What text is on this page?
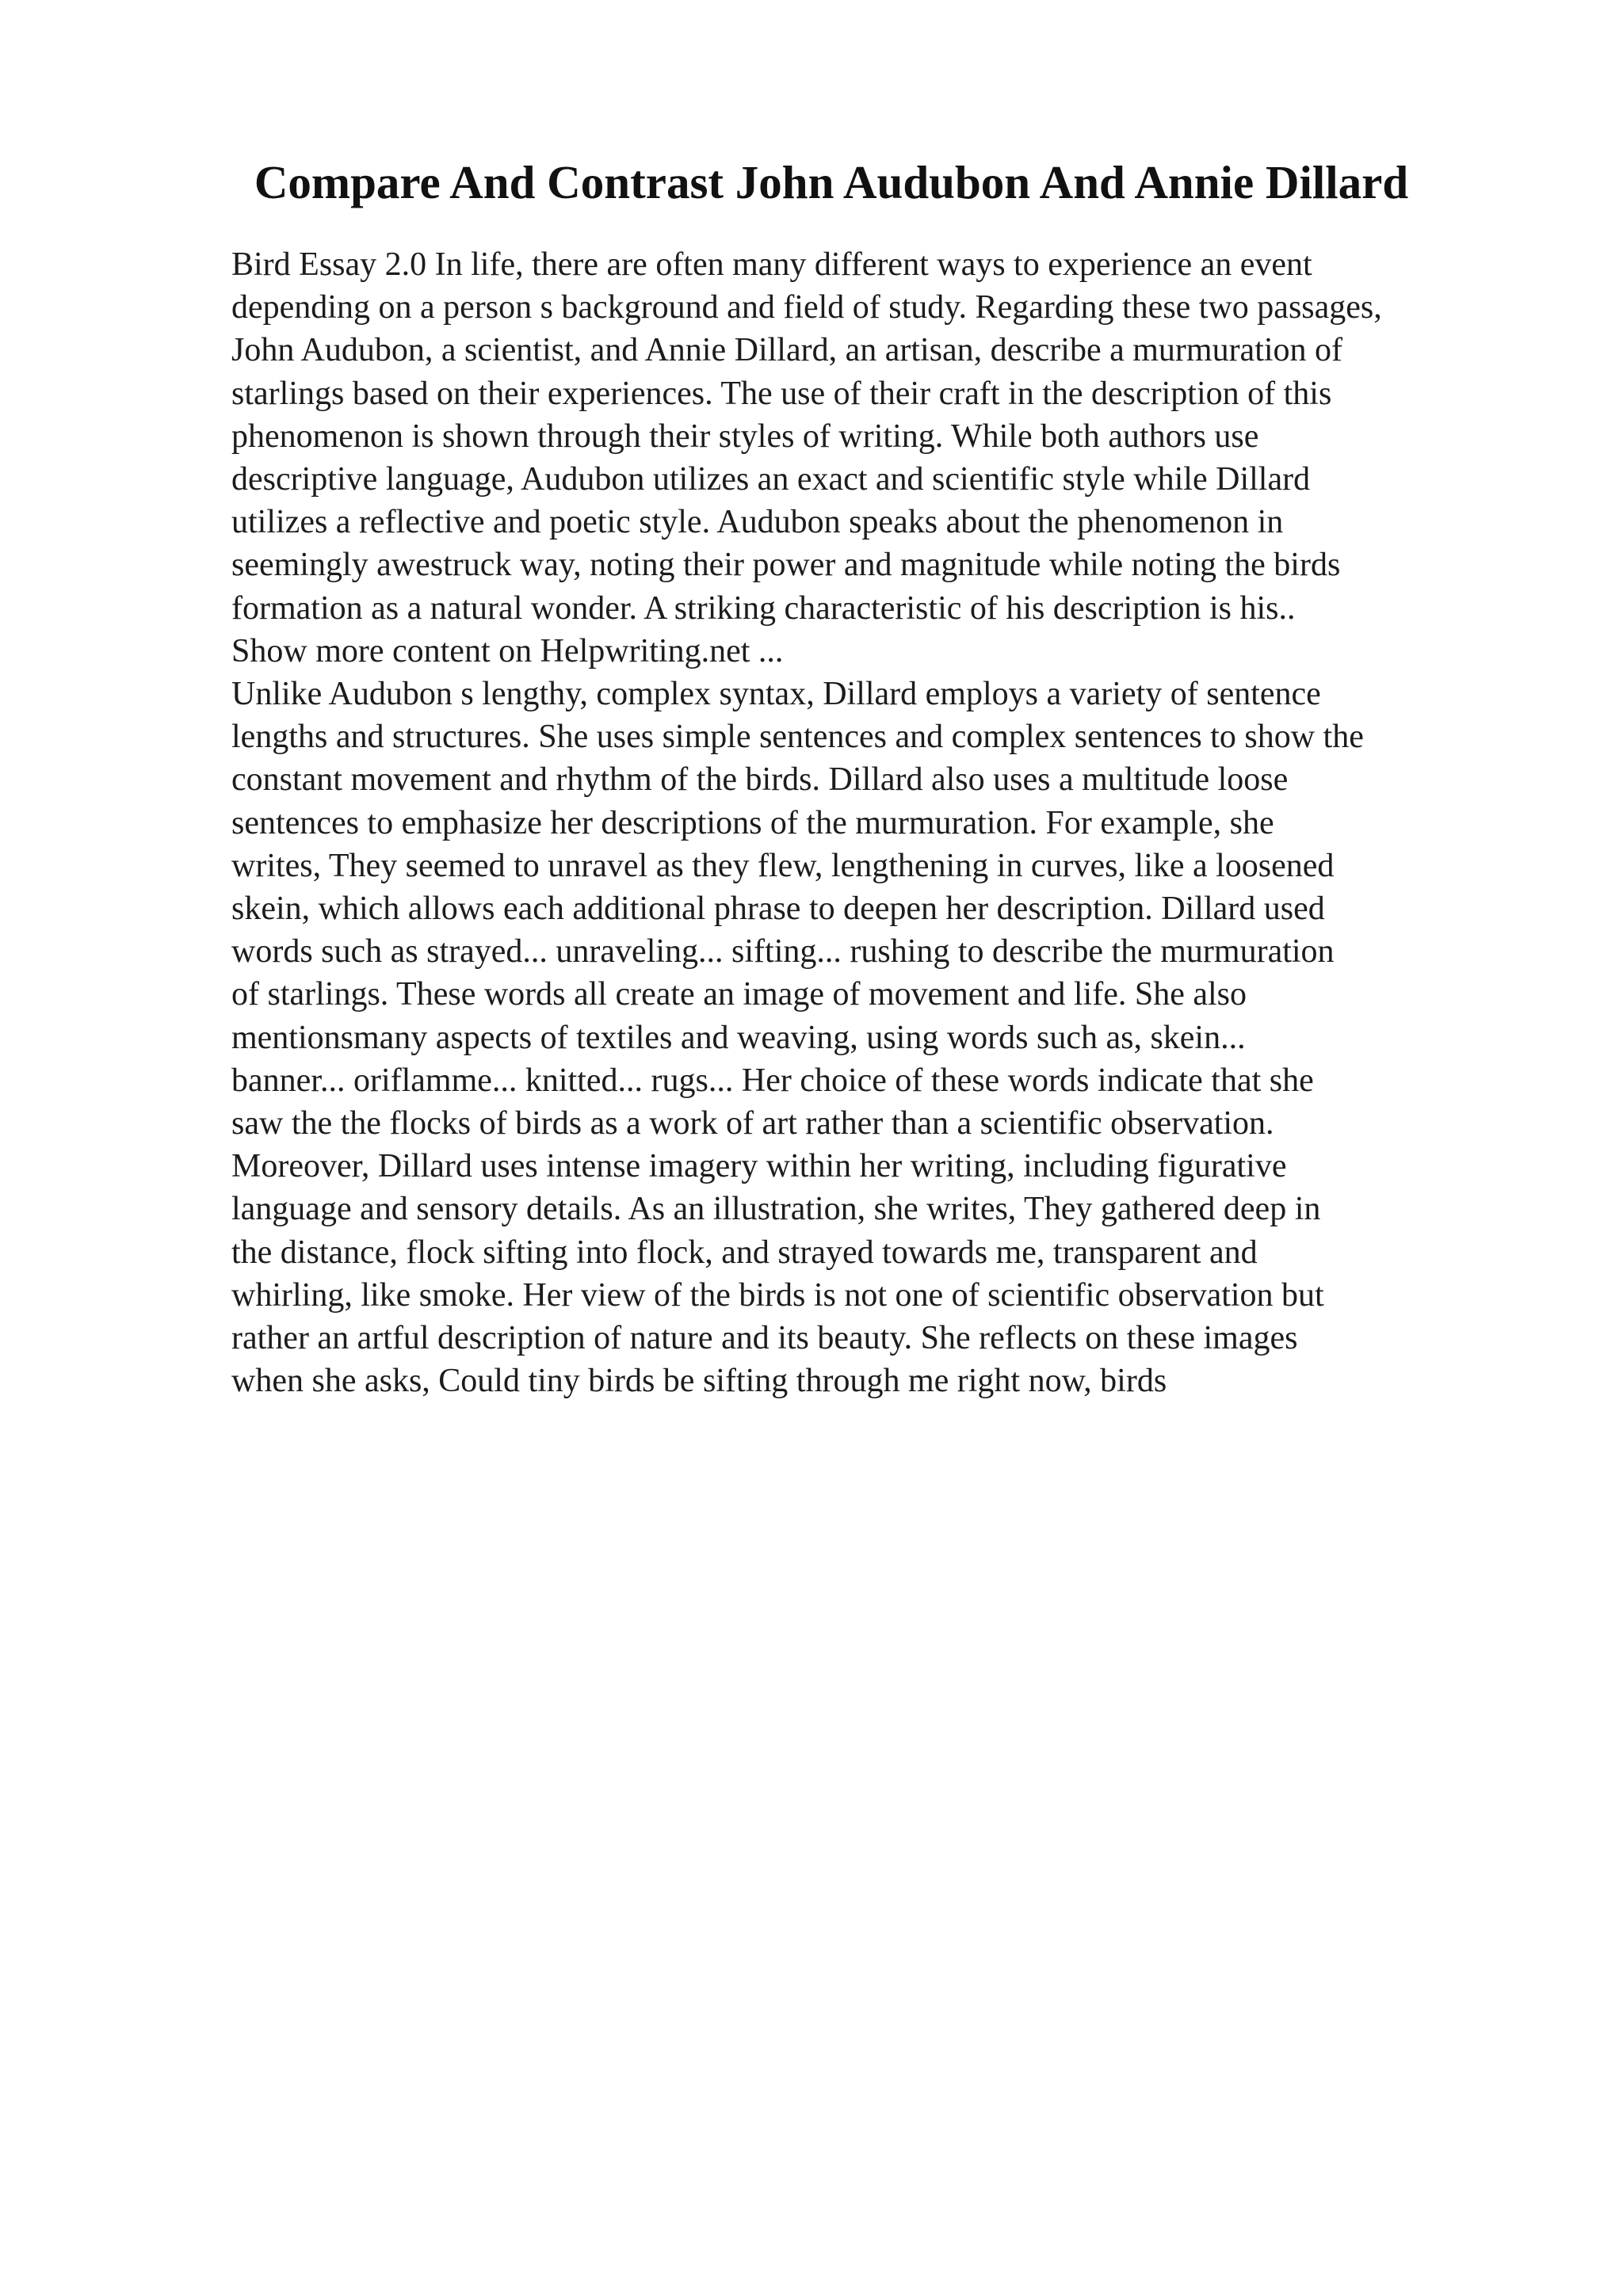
Compare And Contrast John Audubon And Annie Dillard
Bird Essay 2.0 In life, there are often many different ways to experience an event
depending on a person s background and field of study. Regarding these two passages,
John Audubon, a scientist, and Annie Dillard, an artisan, describe a murmuration of
starlings based on their experiences. The use of their craft in the description of this
phenomenon is shown through their styles of writing. While both authors use
descriptive language, Audubon utilizes an exact and scientific style while Dillard
utilizes a reflective and poetic style. Audubon speaks about the phenomenon in
seemingly awestruck way, noting their power and magnitude while noting the birds
formation as a natural wonder. A striking characteristic of his description is his..
Show more content on Helpwriting.net ...
Unlike Audubon s lengthy, complex syntax, Dillard employs a variety of sentence
lengths and structures. She uses simple sentences and complex sentences to show the
constant movement and rhythm of the birds. Dillard also uses a multitude loose
sentences to emphasize her descriptions of the murmuration. For example, she
writes, They seemed to unravel as they flew, lengthening in curves, like a loosened
skein, which allows each additional phrase to deepen her description. Dillard used
words such as strayed... unraveling... sifting... rushing to describe the murmuration
of starlings. These words all create an image of movement and life. She also
mentionsmany aspects of textiles and weaving, using words such as, skein...
banner... oriflamme... knitted... rugs... Her choice of these words indicate that she
saw the the flocks of birds as a work of art rather than a scientific observation.
Moreover, Dillard uses intense imagery within her writing, including figurative
language and sensory details. As an illustration, she writes, They gathered deep in
the distance, flock sifting into flock, and strayed towards me, transparent and
whirling, like smoke. Her view of the birds is not one of scientific observation but
rather an artful description of nature and its beauty. She reflects on these images
when she asks, Could tiny birds be sifting through me right now, birds
